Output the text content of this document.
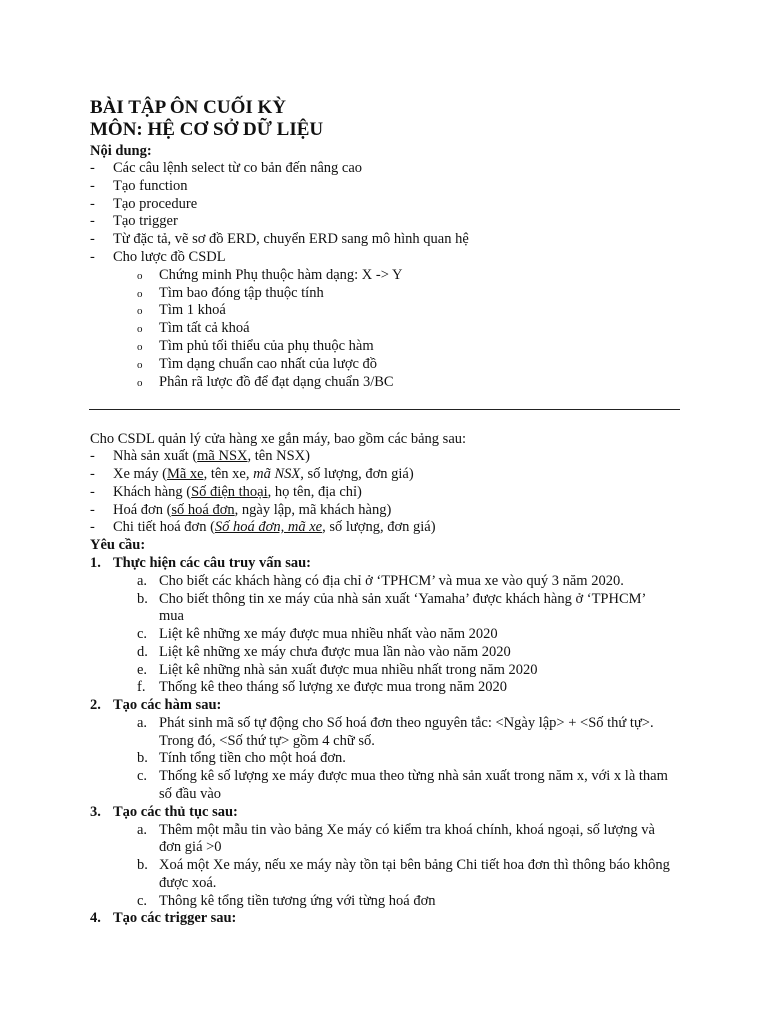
BÀI TẬP ÔN CUỐI KỲ
MÔN: HỆ CƠ SỞ DỮ LIỆU
Nội dung:
- Các câu lệnh select từ co bản đến nâng cao
- Tạo function
- Tạo procedure
- Tạo trigger
- Từ đặc tả, vẽ sơ đồ ERD, chuyển ERD sang mô hình quan hệ
- Cho lược đồ CSDL
o Chứng minh Phụ thuộc hàm dạng: X -> Y
o Tìm bao đóng tập thuộc tính
o Tìm 1 khoá
o Tìm tất cả khoá
o Tìm phủ tối thiểu của phụ thuộc hàm
o Tìm dạng chuẩn cao nhất của lược đồ
o Phân rã lược đồ để đạt dạng chuẩn 3/BC
Cho CSDL quản lý cửa hàng xe gắn máy, bao gồm các bảng sau:
- Nhà sản xuất (mã NSX, tên NSX)
- Xe máy (Mã xe, tên xe, mã NSX, số lượng, đơn giá)
- Khách hàng (Số điện thoại, họ tên, địa chỉ)
- Hoá đơn (số hoá đơn, ngày lập, mã khách hàng)
- Chi tiết hoá đơn (Số hoá đơn, mã xe, số lượng, đơn giá)
Yêu cầu:
1. Thực hiện các câu truy vấn sau:
a. Cho biết các khách hàng có địa chỉ ở ‘TPHCM’ và mua xe vào quý 3 năm 2020.
b. Cho biết thông tin xe máy của nhà sản xuất ‘Yamaha’ được khách hàng ở ‘TPHCM’
mua
c. Liệt kê những xe máy được mua nhiều nhất vào năm 2020
d. Liệt kê những xe máy chưa được mua lần nào vào năm 2020
e. Liệt kê những nhà sản xuất được mua nhiều nhất trong năm 2020
f. Thống kê theo tháng số lượng xe được mua trong năm 2020
2. Tạo các hàm sau:
a. Phát sinh mã số tự động cho Số hoá đơn theo nguyên tắc: <Ngày lập> + <Số thứ tự>.
Trong đó, <Số thứ tự> gồm 4 chữ số.
b. Tính tổng tiền cho một hoá đơn.
c. Thống kê số lượng xe máy được mua theo từng nhà sản xuất trong năm x, với x là tham
số đầu vào
3. Tạo các thủ tục sau:
a. Thêm một mẫu tin vào bảng Xe máy có kiểm tra khoá chính, khoá ngoại, số lượng và
đơn giá >0
b. Xoá một Xe máy, nếu xe máy này tồn tại bên bảng Chi tiết hoa đơn thì thông báo không
được xoá.
c. Thông kê tổng tiền tương ứng với từng hoá đơn
4. Tạo các trigger sau:
